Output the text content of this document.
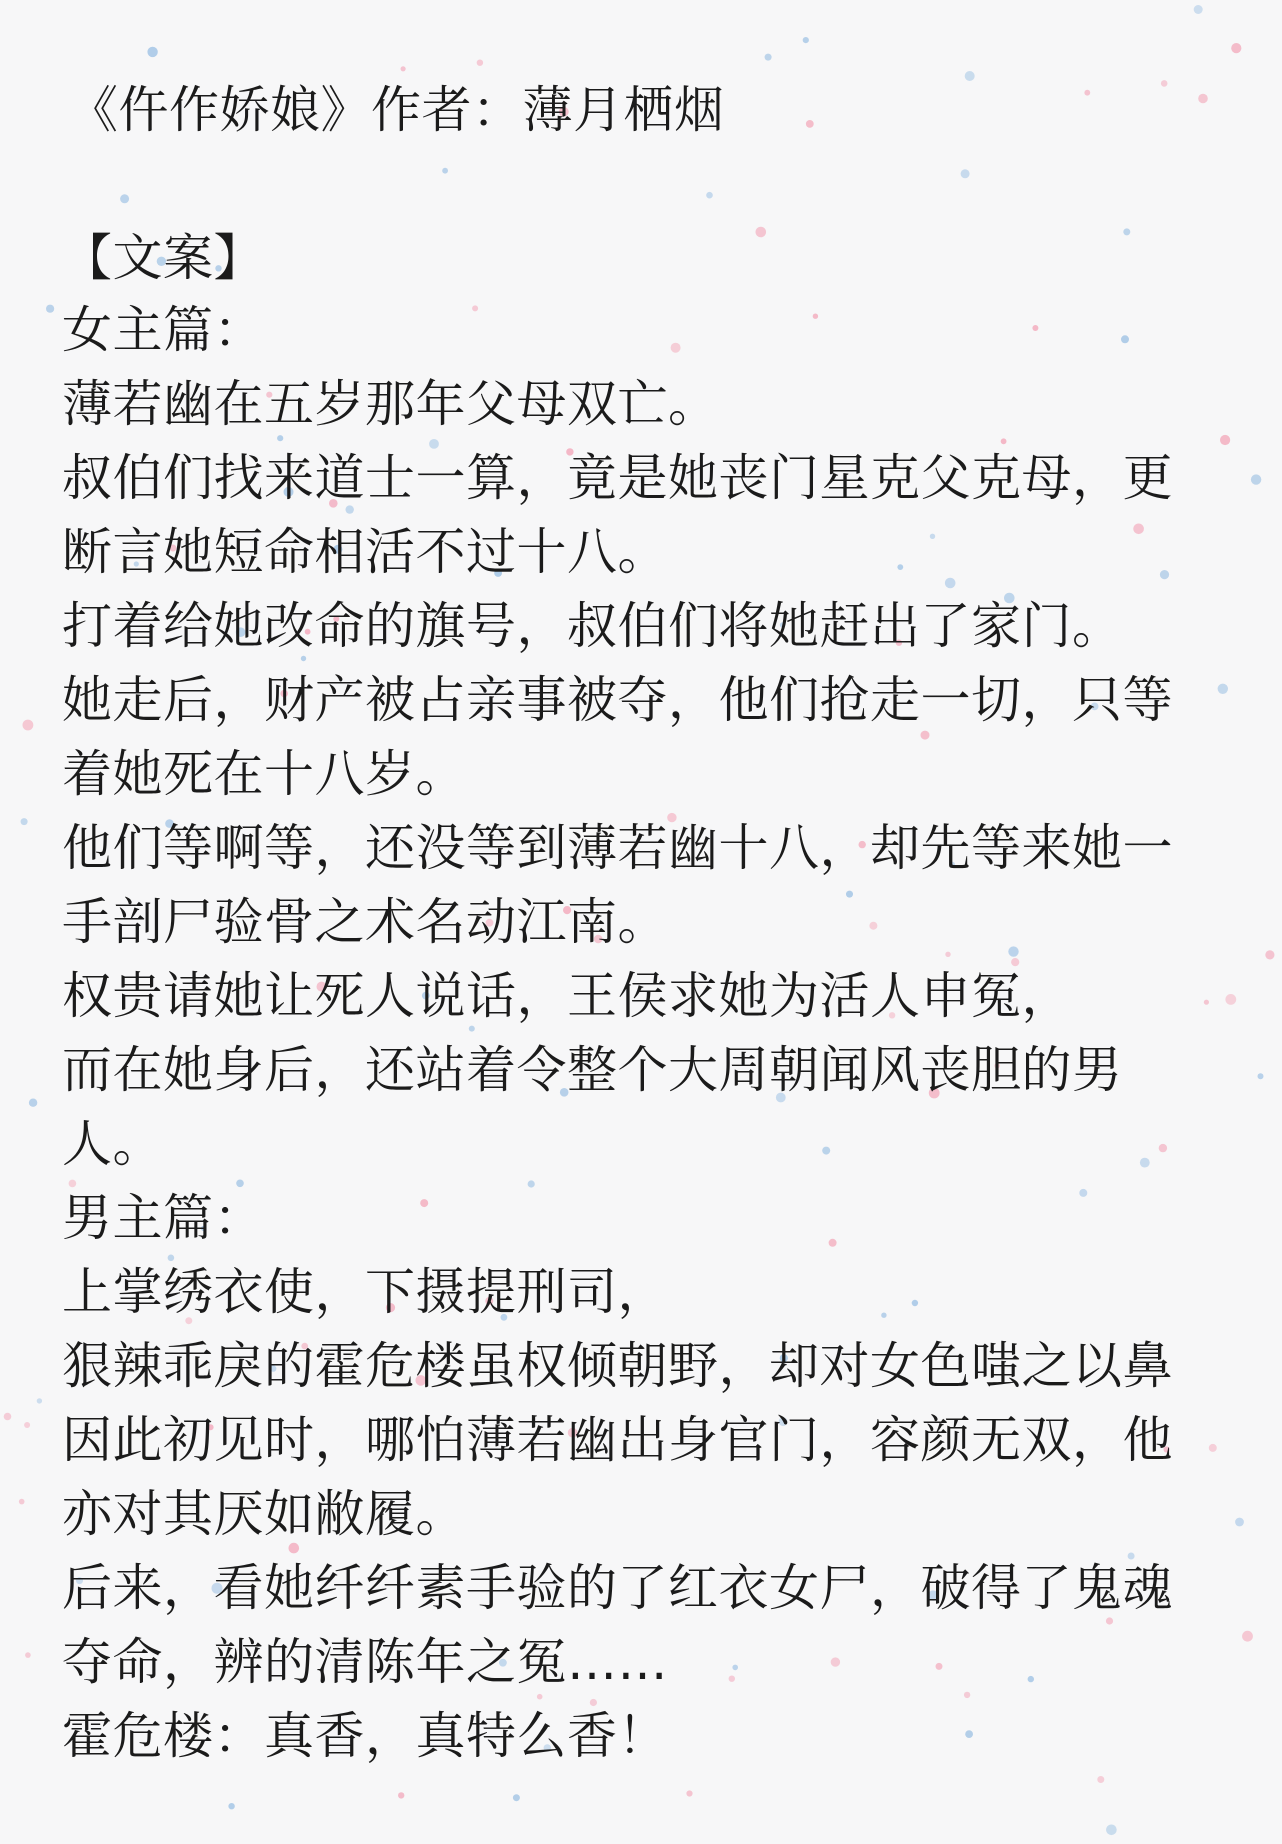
《仵作娇娘》作者：薄月栖烟
【文案】
女主篇：
薄若幽在五岁那年父母双亡。
叔伯们找来道士一算，竟是她丧门星克父克母，更
断言她短命相活不过十八。
打着给她改命的旗号，叔伯们将她赶出了家门。
她走后，财产被占亲事被夺，他们抢走一切，只等
着她死在十八岁。
他们等啊等，还没等到薄若幽十八，却先等来她一
手剖尸验骨之术名动江南。
权贵请她让死人说话，王侯求她为活人申冤，
而在她身后，还站着令整个大周朝闻风丧胆的男
人。
男主篇：
上掌绣衣使，下摄提刑司，
狠辣乖戾的霍危楼虽权倾朝野，却对女色嗤之以鼻
因此初见时，哪怕薄若幽出身官门，容颜无双，他
亦对其厌如敝履。
后来，看她纤纤素手验的了红衣女尸，破得了鬼魂
夺命，辨的清陈年之冤……
霍危楼：真香，真特么香！
